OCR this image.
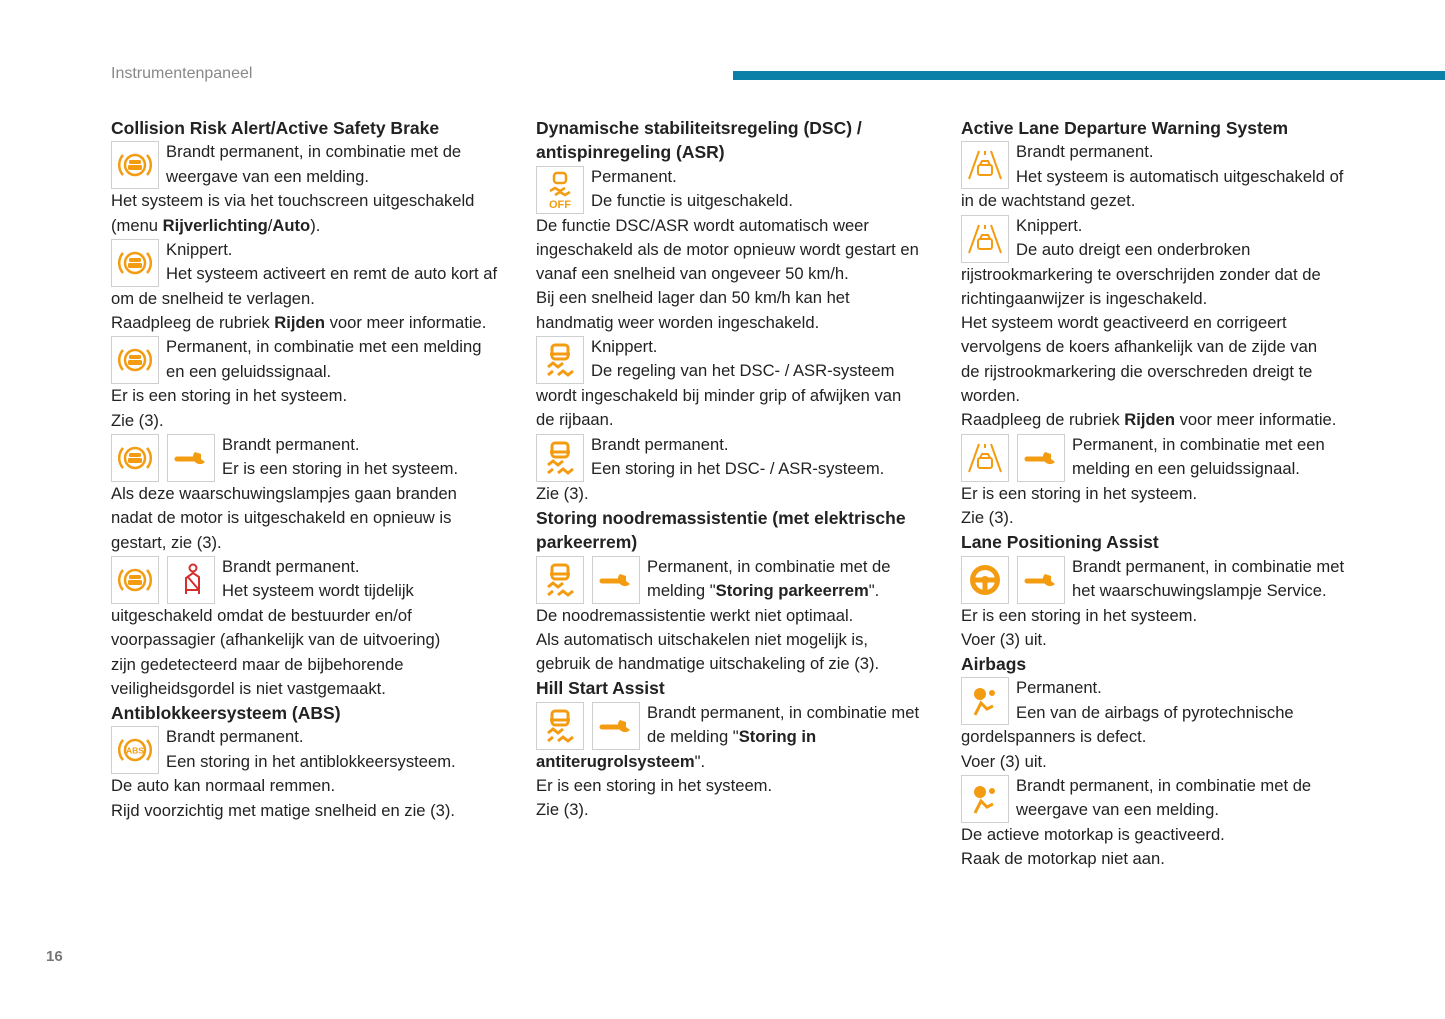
Instrumentenpaneel
Collision Risk Alert/Active Safety Brake
Brandt permanent, in combinatie met de
weergave van een melding.
Het systeem is via het touchscreen uitgeschakeld
(menu Rijverlichting/Auto).
Knippert.
Het systeem activeert en remt de auto kort af
om de snelheid te verlagen.
Raadpleeg de rubriek Rijden voor meer informatie.
Permanent, in combinatie met een melding
en een geluidssignaal.
Er is een storing in het systeem.
Zie (3).
Brandt permanent.
Er is een storing in het systeem.
Als deze waarschuwingslampjes gaan branden
nadat de motor is uitgeschakeld en opnieuw is
gestart, zie (3).
Brandt permanent.
Het systeem wordt tijdelijk
uitgeschakeld omdat de bestuurder en/of
voorpassagier (afhankelijk van de uitvoering)
zijn gedetecteerd maar de bijbehorende
veiligheidsgordel is niet vastgemaakt.
Antiblokkeersysteem (ABS)
ABS
Brandt permanent.
Een storing in het antiblokkeersysteem.
De auto kan normaal remmen.
Rijd voorzichtig met matige snelheid en zie (3).
Dynamische stabiliteitsregeling (DSC) /
antispinregeling (ASR)
OFF
Permanent.
De functie is uitgeschakeld.
De functie DSC/ASR wordt automatisch weer
ingeschakeld als de motor opnieuw wordt gestart en
vanaf een snelheid van ongeveer 50 km/h.
Bij een snelheid lager dan 50 km/h kan het
handmatig weer worden ingeschakeld.
Knippert.
De regeling van het DSC- / ASR-systeem
wordt ingeschakeld bij minder grip of afwijken van
de rijbaan.
Brandt permanent.
Een storing in het DSC- / ASR-systeem.
Zie (3).
Storing noodremassistentie (met elektrische
parkeerrem)
Permanent, in combinatie met de
melding "Storing parkeerrem".
De noodremassistentie werkt niet optimaal.
Als automatisch uitschakelen niet mogelijk is,
gebruik de handmatige uitschakeling of zie (3).
Hill Start Assist
Brandt permanent, in combinatie met
de melding "Storing in
antiterugrolsysteem".
Er is een storing in het systeem.
Zie (3).
Active Lane Departure Warning System
Brandt permanent.
Het systeem is automatisch uitgeschakeld of
in de wachtstand gezet.
Knippert.
De auto dreigt een onderbroken
rijstrookmarkering te overschrijden zonder dat de
richtingaanwijzer is ingeschakeld.
Het systeem wordt geactiveerd en corrigeert
vervolgens de koers afhankelijk van de zijde van
de rijstrookmarkering die overschreden dreigt te
worden.
Raadpleeg de rubriek Rijden voor meer informatie.
Permanent, in combinatie met een
melding en een geluidssignaal.
Er is een storing in het systeem.
Zie (3).
Lane Positioning Assist
Brandt permanent, in combinatie met
het waarschuwingslampje Service.
Er is een storing in het systeem.
Voer (3) uit.
Airbags
Permanent.
Een van de airbags of pyrotechnische
gordelspanners is defect.
Voer (3) uit.
Brandt permanent, in combinatie met de
weergave van een melding.
De actieve motorkap is geactiveerd.
Raak de motorkap niet aan.
16
